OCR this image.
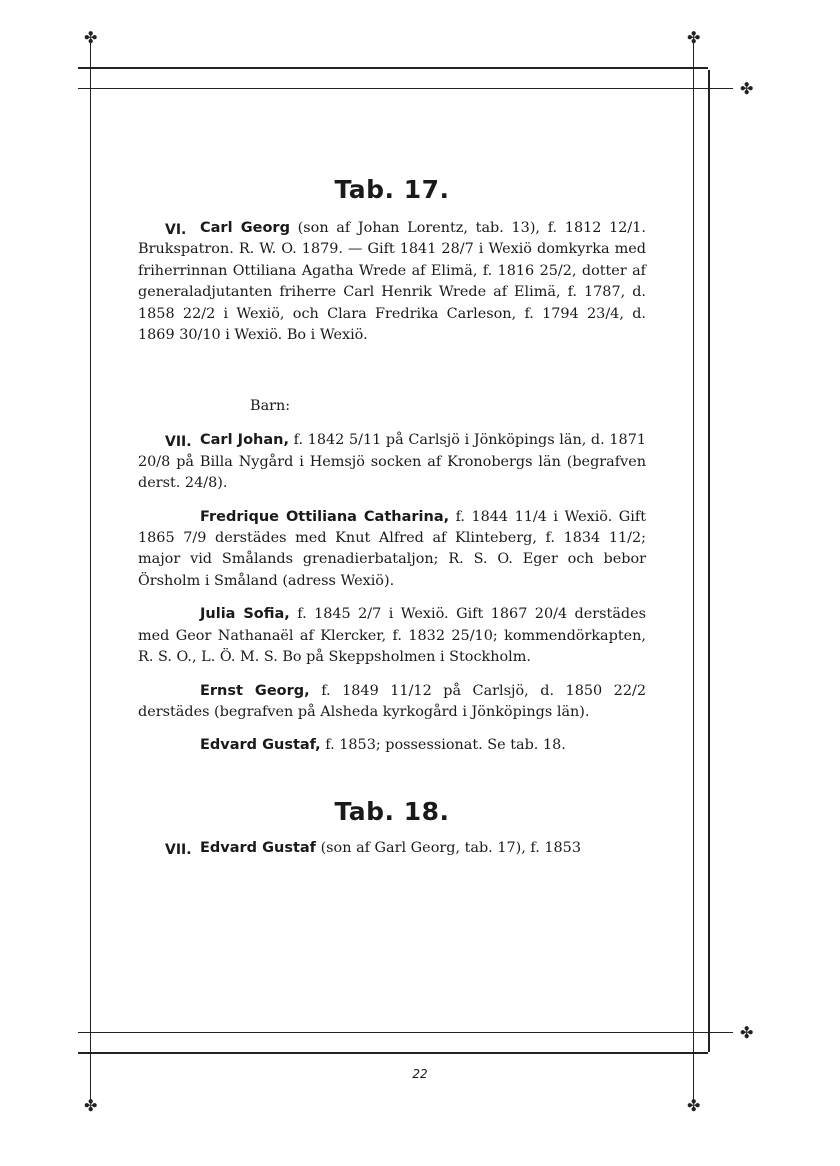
✤	✤
✤
✤
✤	✤
Tab. 17.
VI. Carl Georg (son af Johan Lorentz, tab. 13), f. 1812 12/1. Brukspatron. R. W. O. 1879. — Gift 1841 28/7 i Wexiö domkyrka med friherrinnan Ottiliana Agatha Wrede af Elimä, f. 1816 25/2, dotter af generaladjutanten friherre Carl Henrik Wrede af Elimä, f. 1787, d. 1858 22/2 i Wexiö, och Clara Fredrika Carleson, f. 1794 23/4, d. 1869 30/10 i Wexiö. Bo i Wexiö.

Barn:

VII. Carl Johan, f. 1842 5/11 på Carlsjö i Jönköpings län, d. 1871 20/8 på Billa Nygård i Hemsjö socken af Kronobergs län (begrafven derst. 24/8).
Fredrique Ottiliana Catharina, f. 1844 11/4 i Wexiö. Gift 1865 7/9 derstädes med Knut Alfred af Klinteberg, f. 1834 11/2; major vid Smålands grenadierbataljon; R. S. O. Eger och bebor Örsholm i Småland (adress Wexiö).
Julia Sofia, f. 1845 2/7 i Wexiö. Gift 1867 20/4 derstädes med Geor Nathanaël af Klercker, f. 1832 25/10; kommendörkapten, R. S. O., L. Ö. M. S. Bo på Skeppsholmen i Stockholm.
Ernst Georg, f. 1849 11/12 på Carlsjö, d. 1850 22/2 derstädes (begrafven på Alsheda kyrkogård i Jönköpings län).
Edvard Gustaf, f. 1853; possessionat. Se tab. 18.
Tab. 18.
VII. Edvard Gustaf (son af Garl Georg, tab. 17), f. 1853
22
